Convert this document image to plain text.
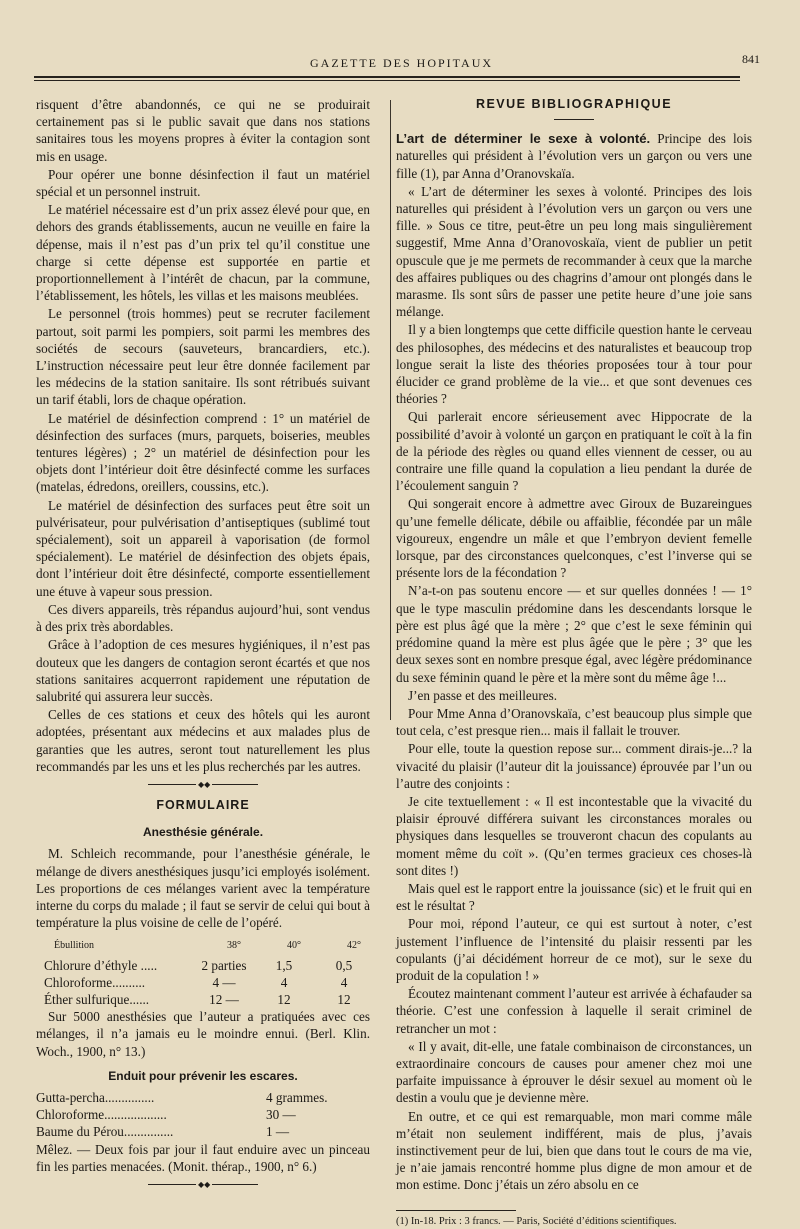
GAZETTE DES HOPITAUX	841

risquent d’être abandonnés, ce qui ne se produirait certainement pas si le public savait que dans nos stations sanitaires tous les moyens propres à éviter la contagion sont mis en usage.

Pour opérer une bonne désinfection il faut un matériel spécial et un personnel instruit.

Le matériel nécessaire est d’un prix assez élevé pour que, en dehors des grands établissements, aucun ne veuille en faire la dépense, mais il n’est pas d’un prix tel qu’il constitue une charge si cette dépense est supportée en partie et proportionnellement à l’intérêt de chacun, par la commune, l’établissement, les hôtels, les villas et les maisons meublées.

Le personnel (trois hommes) peut se recruter facilement partout, soit parmi les pompiers, soit parmi les membres des sociétés de secours (sauveteurs, brancardiers, etc.). L’instruction nécessaire peut leur être donnée facilement par les médecins de la station sanitaire. Ils sont rétribués suivant un tarif établi, lors de chaque opération.

Le matériel de désinfection comprend : 1° un matériel de désinfection des surfaces (murs, parquets, boiseries, meubles tentures légères) ; 2° un matériel de désinfection pour les objets dont l’intérieur doit être désinfecté comme les surfaces (matelas, édredons, oreillers, coussins, etc.).

Le matériel de désinfection des surfaces peut être soit un pulvérisateur, pour pulvérisation d’antiseptiques (sublimé tout spécialement), soit un appareil à vaporisation (de formol spécialement). Le matériel de désinfection des objets épais, dont l’intérieur doit être désinfecté, comporte essentiellement une étuve à vapeur sous pression.

Ces divers appareils, très répandus aujourd’hui, sont vendus à des prix très abordables.

Grâce à l’adoption de ces mesures hygiéniques, il n’est pas douteux que les dangers de contagion seront écartés et que nos stations sanitaires acquerront rapidement une réputation de salubrité qui assurera leur succès.

Celles de ces stations et ceux des hôtels qui les auront adoptées, présentant aux médecins et aux malades plus de garanties que les autres, seront tout naturellement les plus recommandés par les uns et les plus recherchés par les autres.

◆◆
FORMULAIRE
Anesthésie générale.

M. Schleich recommande, pour l’anesthésie générale, le mélange de divers anesthésiques jusqu’ici employés isolément. Les proportions de ces mélanges varient avec la température interne du corps du malade ; il faut se servir de celui qui bout à température la plus voisine de celle de l’opéré.

Ébullition	38°	40°	42°
Chlorure d’éthyle .....	2 parties	1,5	0,5
Chloroforme..........	4 —	4	4
Éther sulfurique......	12 —	12	12

Sur 5000 anesthésies que l’auteur a pratiquées avec ces mélanges, il n’a jamais eu le moindre ennui. (Berl. Klin. Woch., 1900, n° 13.)

Enduit pour prévenir les escares.
Gutta-percha...............	4 grammes.
Chloroforme...................	30 —
Baume du Pérou...............	1 —

Mêlez. — Deux fois par jour il faut enduire avec un pinceau fin les parties menacées. (Monit. thérap., 1900, n° 6.)

◆◆
REVUE BIBLIOGRAPHIQUE

L’art de déterminer le sexe à volonté. Principe des lois naturelles qui président à l’évolution vers un garçon ou vers une fille (1), par Anna d’Oranovskaïa.

« L’art de déterminer les sexes à volonté. Principes des lois naturelles qui président à l’évolution vers un garçon ou vers une fille. » Sous ce titre, peut-être un peu long mais singulièrement suggestif, Mme Anna d’Oranovoskaïa, vient de publier un petit opuscule que je me permets de recommander à ceux que la marche des affaires publiques ou des chagrins d’amour ont plongés dans le marasme. Ils sont sûrs de passer une petite heure d’une joie sans mélange.

Il y a bien longtemps que cette difficile question hante le cerveau des philosophes, des médecins et des naturalistes et beaucoup trop longue serait la liste des théories proposées tour à tour pour élucider ce grand problème de la vie... et que sont devenues ces théories ?

Qui parlerait encore sérieusement avec Hippocrate de la possibilité d’avoir à volonté un garçon en pratiquant le coït à la fin de la période des règles ou quand elles viennent de cesser, ou au contraire une fille quand la copulation a lieu pendant la durée de l’écoulement sanguin ?

Qui songerait encore à admettre avec Giroux de Buzareingues qu’une femelle délicate, débile ou affaiblie, fécondée par un mâle vigoureux, engendre un mâle et que l’embryon devient femelle lorsque, par des circonstances quelconques, c’est l’inverse qui se présente lors de la fécondation ?

N’a-t-on pas soutenu encore — et sur quelles données ! — 1° que le type masculin prédomine dans les descendants lorsque le père est plus âgé que la mère ; 2° que c’est le sexe féminin qui prédomine quand la mère est plus âgée que le père ; 3° que les deux sexes sont en nombre presque égal, avec légère prédominance du sexe féminin quand le père et la mère sont du même âge !...

J’en passe et des meilleures.

Pour Mme Anna d’Oranovskaïa, c’est beaucoup plus simple que tout cela, c’est presque rien... mais il fallait le trouver.

Pour elle, toute la question repose sur... comment dirais-je...? la vivacité du plaisir (l’auteur dit la jouissance) éprouvée par l’un ou l’autre des conjoints :

Je cite textuellement : « Il est incontestable que la vivacité du plaisir éprouvé différera suivant les circonstances morales ou physiques dans lesquelles se trouveront chacun des copulants au moment même du coït ». (Qu’en termes gracieux ces choses-là sont dites !)

Mais quel est le rapport entre la jouissance (sic) et le fruit qui en est le résultat ?

Pour moi, répond l’auteur, ce qui est surtout à noter, c’est justement l’influence de l’intensité du plaisir ressenti par les copulants (j’ai décidément horreur de ce mot), sur le sexe du produit de la copulation ! »

Écoutez maintenant comment l’auteur est arrivée à échafauder sa théorie. C’est une confession à laquelle il serait criminel de retrancher un mot :

« Il y avait, dit-elle, une fatale combinaison de circonstances, un extraordinaire concours de causes pour amener chez moi une parfaite impuissance à éprouver le désir sexuel au moment où le destin a voulu que je devienne mère.

En outre, et ce qui est remarquable, mon mari comme mâle m’était non seulement indifférent, mais de plus, j’avais instinctivement peur de lui, bien que dans tout le cours de ma vie, je n’aie jamais rencontré homme plus digne de mon amour et de mon estime. Donc j’étais un zéro absolu en ce

(1) In-18. Prix : 3 francs. — Paris, Société d’éditions scientifiques.
